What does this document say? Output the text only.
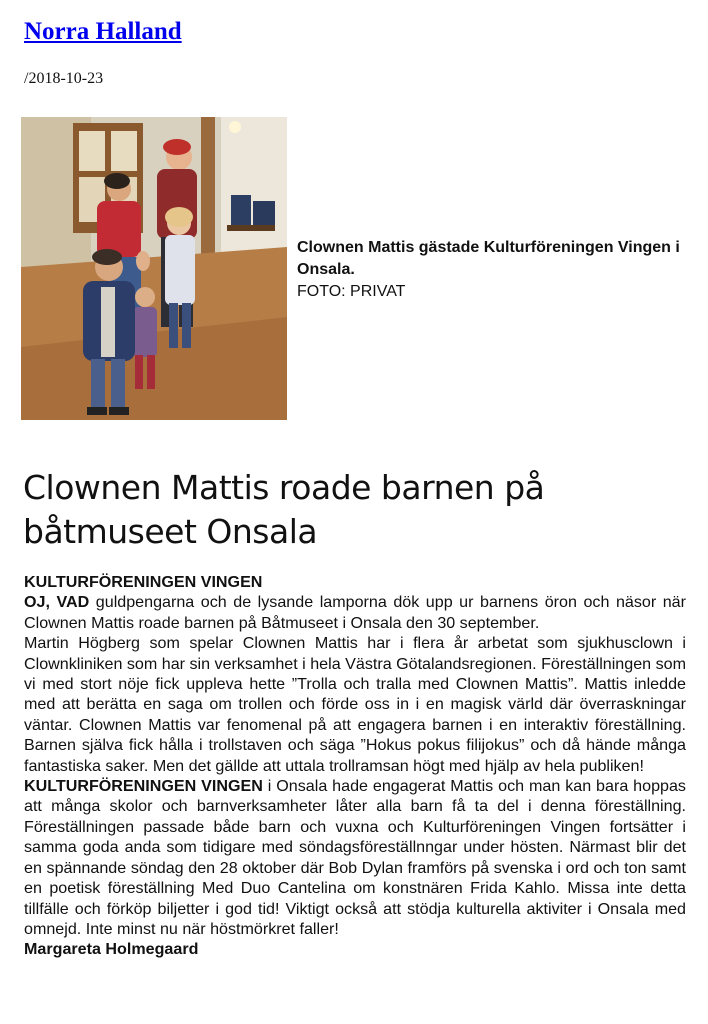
Norra Halland
/2018-10-23
Clownen Mattis gästade Kulturföreningen Vingen i Onsala.
FOTO: PRIVAT
Clownen Mattis roade barnen på båtmuseet Onsala

KULTURFÖRENINGEN VINGEN

OJ, VAD guldpengarna och de lysande lamporna dök upp ur barnens öron och näsor när Clownen Mattis roade barnen på Båtmuseet i Onsala den 30 september.

Martin Högberg som spelar Clownen Mattis har i flera år arbetat som sjukhusclown i Clownkliniken som har sin verksamhet i hela Västra Götalandsregionen. Föreställningen som vi med stort nöje fick uppleva hette ”Trolla och tralla med Clownen Mattis”. Mattis inledde med att berätta en saga om trollen och förde oss in i en magisk värld där överraskningar väntar. Clownen Mattis var fenomenal på att engagera barnen i en interaktiv föreställning. Barnen själva fick hålla i trollstaven och säga ”Hokus pokus filijokus” och då hände många fantastiska saker. Men det gällde att uttala trollramsan högt med hjälp av hela publiken!

KULTURFÖRENINGEN VINGEN i Onsala hade engagerat Mattis och man kan bara hoppas att många skolor och barnverksamheter låter alla barn få ta del i denna föreställning. Föreställningen passade både barn och vuxna och Kulturföreningen Vingen fortsätter i samma goda anda som tidigare med söndagsföreställnngar under hösten. Närmast blir det en spännande söndag den 28 oktober där Bob Dylan framförs på svenska i ord och ton samt en poetisk föreställning Med Duo Cantelina om konstnären Frida Kahlo. Missa inte detta tillfälle och förköp biljetter i god tid! Viktigt också att stödja kulturella aktiviter i Onsala med omnejd. Inte minst nu när höstmörkret faller!

Margareta Holmegaard
